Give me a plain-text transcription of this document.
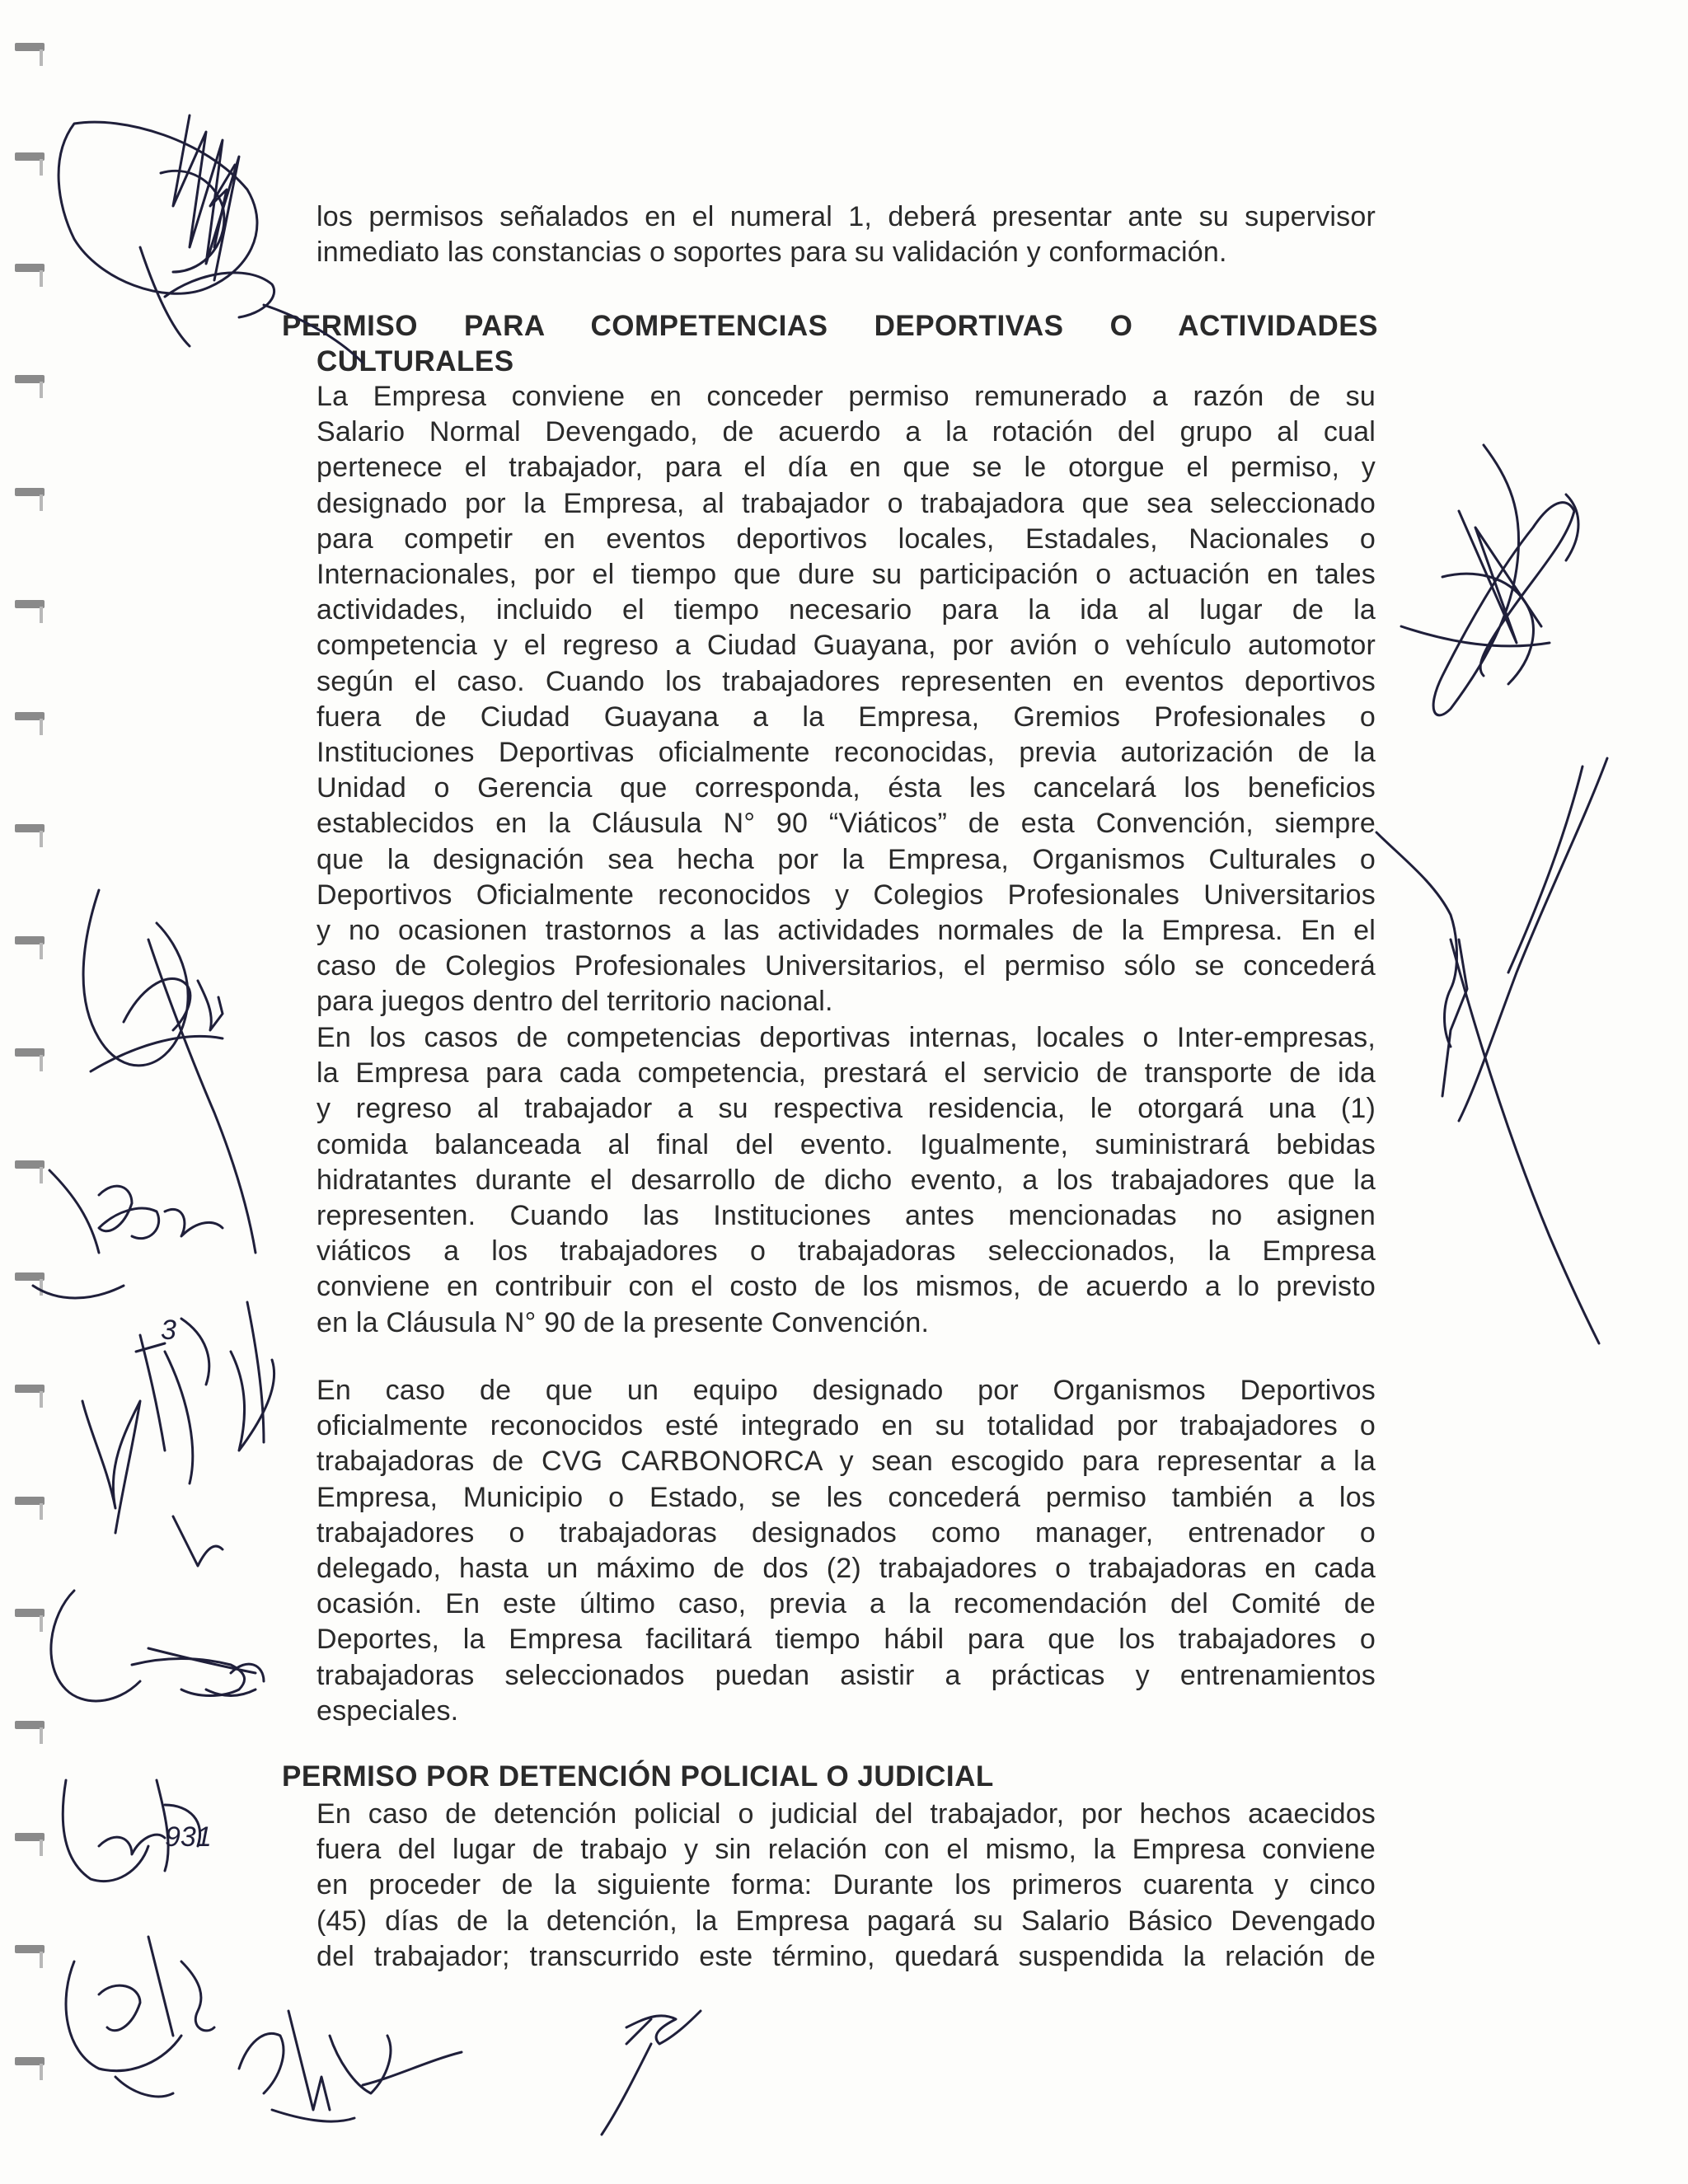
los permisos señalados en el numeral 1, deberá presentar ante su supervisor
inmediato las constancias o soportes para su validación y conformación.
PERMISO PARA COMPETENCIAS DEPORTIVAS O ACTIVIDADES
CULTURALES
La Empresa conviene en conceder permiso remunerado a razón de su
Salario Normal Devengado, de acuerdo a la rotación del grupo al cual
pertenece el trabajador, para el día en que se le otorgue el permiso, y
designado por la Empresa, al trabajador o trabajadora que sea seleccionado
para competir en eventos deportivos locales, Estadales, Nacionales o
Internacionales, por el tiempo que dure su participación o actuación en tales
actividades, incluido el tiempo necesario para la ida al lugar de la
competencia y el regreso a Ciudad Guayana, por avión o vehículo automotor
según el caso. Cuando los trabajadores representen en eventos deportivos
fuera de Ciudad Guayana a la Empresa, Gremios Profesionales o
Instituciones Deportivas oficialmente reconocidas, previa autorización de la
Unidad o Gerencia que corresponda, ésta les cancelará los beneficios
establecidos en la Cláusula N° 90 “Viáticos” de esta Convención, siempre
que la designación sea hecha por la Empresa, Organismos Culturales o
Deportivos Oficialmente reconocidos y Colegios Profesionales Universitarios
y no ocasionen trastornos a las actividades normales de la Empresa. En el
caso de Colegios Profesionales Universitarios, el permiso sólo se concederá
para juegos dentro del territorio nacional.
En los casos de competencias deportivas internas, locales o Inter-empresas,
la Empresa para cada competencia, prestará el servicio de transporte de ida
y regreso al trabajador a su respectiva residencia, le otorgará una (1)
comida balanceada al final del evento. Igualmente, suministrará bebidas
hidratantes durante el desarrollo de dicho evento, a los trabajadores que la
representen. Cuando las Instituciones antes mencionadas no asignen
viáticos a los trabajadores o trabajadoras seleccionados, la Empresa
conviene en contribuir con el costo de los mismos, de acuerdo a lo previsto
en la Cláusula N° 90 de la presente Convención.
En caso de que un equipo designado por Organismos Deportivos
oficialmente reconocidos esté integrado en su totalidad por trabajadores o
trabajadoras de CVG CARBONORCA y sean escogido para representar a la
Empresa, Municipio o Estado, se les concederá permiso también a los
trabajadores o trabajadoras designados como manager, entrenador o
delegado, hasta un máximo de dos (2) trabajadores o trabajadoras en cada
ocasión. En este último caso, previa a la recomendación del Comité de
Deportes, la Empresa facilitará tiempo hábil para que los trabajadores o
trabajadoras seleccionados puedan asistir a prácticas y entrenamientos
especiales.
PERMISO POR DETENCIÓN POLICIAL O JUDICIAL
En caso de detención policial o judicial del trabajador, por hechos acaecidos
fuera del lugar de trabajo y sin relación con el mismo, la Empresa conviene
en proceder de la siguiente forma: Durante los primeros cuarenta y cinco
(45) días de la detención, la Empresa pagará su Salario Básico Devengado
del trabajador; transcurrido este término, quedará suspendida la relación de
3
931
